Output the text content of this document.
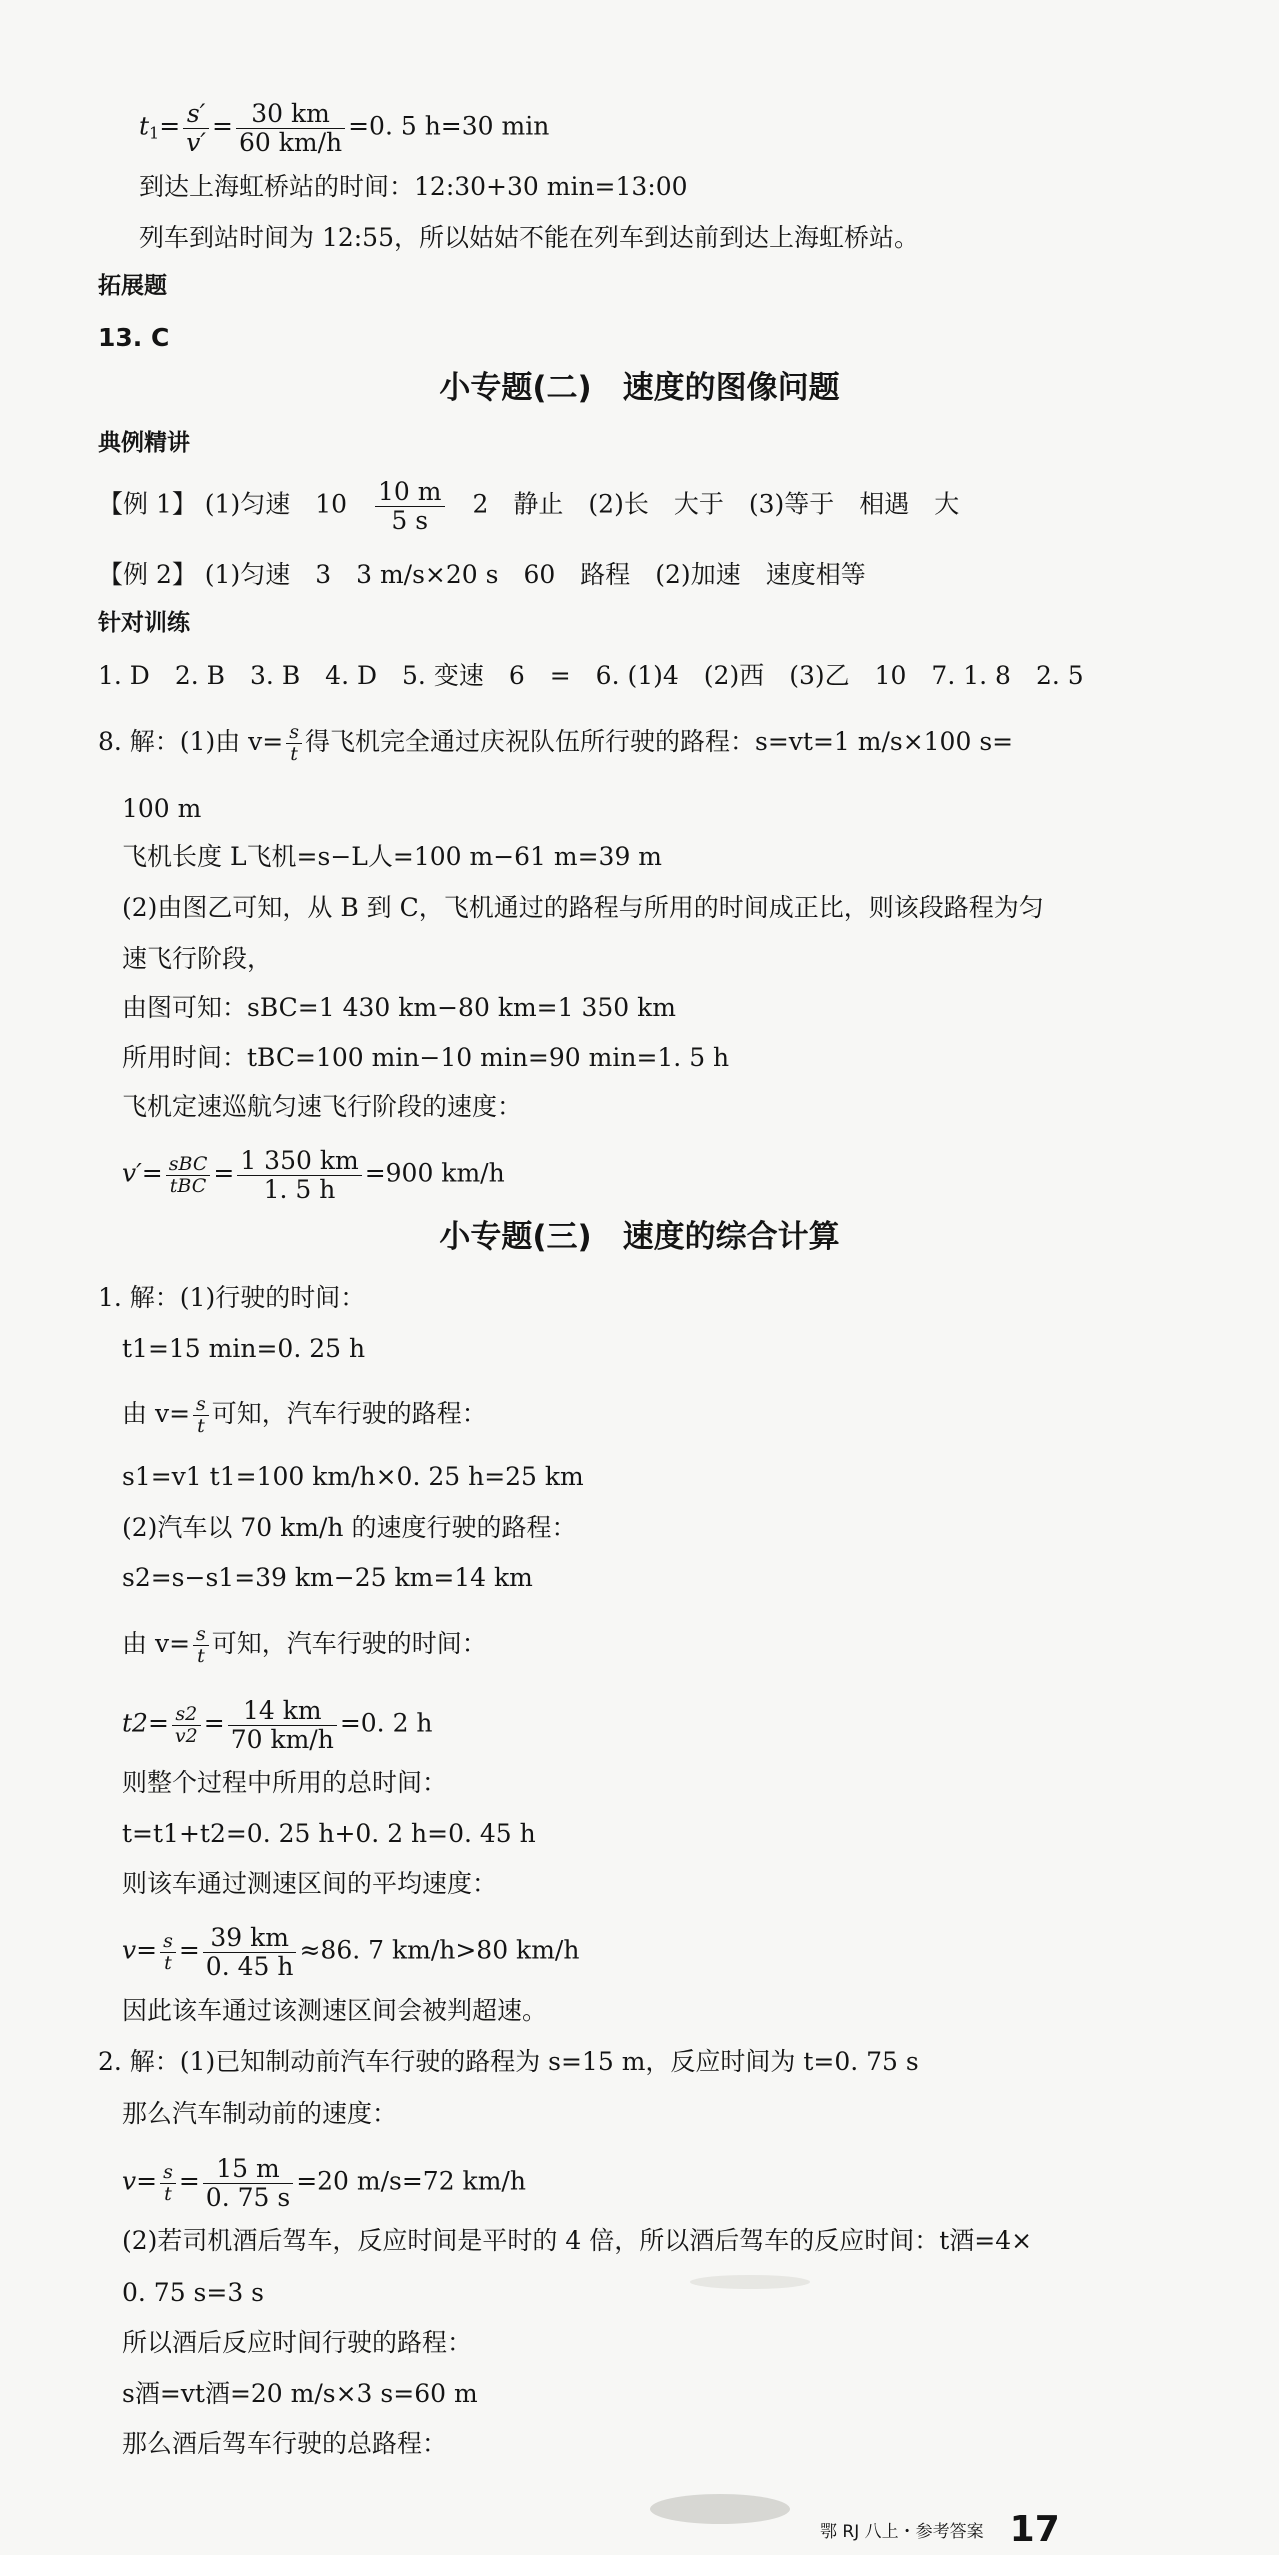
$t_1= \frac{s'}{v'} = \frac{30 km}{60 km/h} =0$. 5 h=30 min
到达上海虹桥站的时间：12:30+30 min=13:00
列车到站时间为 12:55，所以姑姑不能在列车到达前到达上海虹桥站。
拓展题
13. C
小专题(二)　速度的图像问题
典例精讲
【例 1】 (1)匀速　10　 $\frac{10 m}{5 s}$ 　2　静止　(2)长　大于　(3)等于　相遇　大
【例 2】 (1)匀速　3　3 m/s×20 s　60　路程　(2)加速　速度相等
针对训练
1. D　2. B　3. B　4. D　5. 变速　6　=　6. (1)4　(2)西　(3)乙　10　7. 1. 8　2. 5
8. 解：(1)由 $v= \frac{s}{t}$ 得飞机完全通过庆祝队伍所行驶的路程：s=vt=1 m/s×100 s=
100 m
飞机长度 L飞机=s−L人=100 m−61 m=39 m
(2)由图乙可知，从 B 到 C，飞机通过的路程与所用的时间成正比，则该段路程为匀
速飞行阶段，
由图可知：sBC=1 430 km−80 km=1 350 km
所用时间：tBC=100 min−10 min=90 min=1. 5 h
飞机定速巡航匀速飞行阶段的速度：
$v'= \frac{\text{sBC}}{\text{tBC}} = \frac{1 350 km}{1. 5 h} =900$ km/h
小专题(三)　速度的综合计算
1. 解：(1)行驶的时间：
t1=15 min=0. 25 h
由 $v= \frac{s}{t}$ 可知，汽车行驶的路程：
s1=v1 t1=100 km/h×0. 25 h=25 km
(2)汽车以 70 km/h 的速度行驶的路程：
s2=s−s1=39 km−25 km=14 km
由 $v= \frac{s}{t}$ 可知，汽车行驶的时间：
$t2= \frac{s2}{v2} = \frac{14 km}{70 km/h} =0$. 2 h
则整个过程中所用的总时间：
t=t1+t2=0. 25 h+0. 2 h=0. 45 h
则该车通过测速区间的平均速度：
$v= \frac{s}{t} = \frac{39 km}{0. 45 h} \approx 86$. 7 km/h>80 km/h
因此该车通过该测速区间会被判超速。
2. 解：(1)已知制动前汽车行驶的路程为 s=15 m，反应时间为 t=0. 75 s
那么汽车制动前的速度：
$v= \frac{s}{t} = \frac{15 m}{0. 75 s} =20$ m/s=72 km/h
(2)若司机酒后驾车，反应时间是平时的 4 倍，所以酒后驾车的反应时间：t酒=4×
0. 75 s=3 s
所以酒后反应时间行驶的路程：
s酒=vt酒=20 m/s×3 s=60 m
那么酒后驾车行驶的总路程：
鄂 RJ 八上・参考答案 17
